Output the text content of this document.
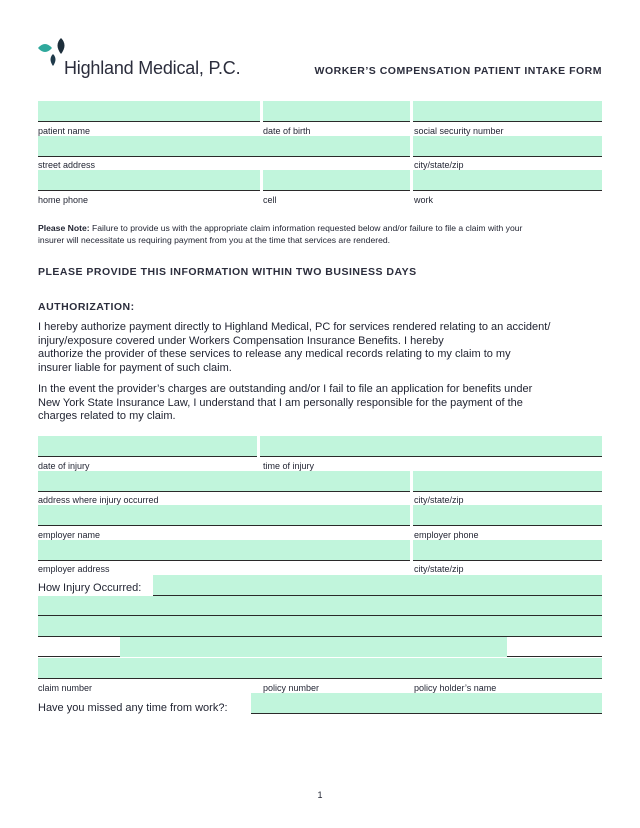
Highland Medical, P.C.	WORKER’S COMPENSATION PATIENT INTAKE FORM
patient name	date of birth	social security number
street address	city/state/zip
home phone	cell	work
Please Note: Failure to provide us with the appropriate claim information requested below and/or failure to file a claim with your
insurer will necessitate us requiring payment from you at the time that services are rendered.
PLEASE PROVIDE THIS INFORMATION WITHIN TWO BUSINESS DAYS
AUTHORIZATION:
I hereby authorize payment directly to Highland Medical, PC for services rendered relating to an accident/
injury/exposure covered under Workers Compensation Insurance Benefits. I hereby
authorize the provider of these services to release any medical records relating to my claim to my
insurer liable for payment of such claim.
In the event the provider’s charges are outstanding and/or I fail to file an application for benefits under
New York State Insurance Law, I understand that I am personally responsible for the payment of the
charges related to my claim.
date of injury	time of injury
address where injury occurred	city/state/zip
employer name	employer phone
employer address	city/state/zip
How Injury Occurred:
claim number	policy number	policy holder’s name
Have you missed any time from work?:
1
